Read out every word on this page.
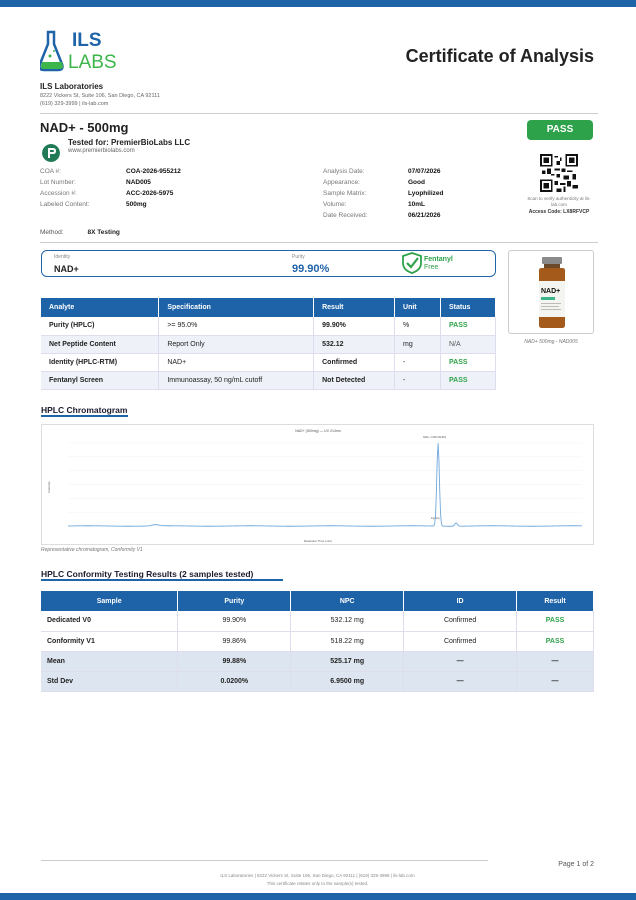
ILS
LABS	Certificate of Analysis
ILS Laboratories
8222 Vickers St, Suite 106, San Diego, CA 92111
(619) 329-3999 | ils-lab.com
NAD+ - 500mg	PASS
Tested for: PremierBioLabs LLC
www.premierbiolabs.com
COA #:	COA-2026-955212
Lot Number:	NAD005
Accession #:	ACC-2026-5975
Labeled Content:	500mg
Analysis Date:	07/07/2026
Appearance:	Good
Sample Matrix:	Lyophilized
Volume:	10mL
Date Received:	06/21/2026
Scan to verify authenticity at ils-lab.com
Access Code: LX8RFVCP
Method:	8X Testing
Identity
NAD+
Purity
99.90%
Fentanyl
Free
NAD+
NAD+ 500mg - NAD005
Analyte	Specification	Result	Unit	Status
Purity (HPLC)	>= 95.0%	99.90%	%	PASS
Net Peptide Content	Report Only	532.12	mg	N/A
Identity (HPLC-RTM)	NAD+	Confirmed	-	PASS
Fentanyl Screen	Immunoassay, 50 ng/mL cutoff	Not Detected	-	PASS
HPLC Chromatogram
NAD+ (500mg) — UV 214nm
Retention Time (min)
Intensity
NAD+ 1.606 (99.9%)
impurity
Representative chromatogram, Conformity V1
HPLC Conformity Testing Results (2 samples tested)
Sample	Purity	NPC	ID	Result
Dedicated V0	99.90%	532.12 mg	Confirmed	PASS
Conformity V1	99.86%	518.22 mg	Confirmed	PASS
Mean	99.88%	525.17 mg	—	—
Std Dev	0.0200%	6.9500 mg	—	—
Page 1 of 2
ILS Laboratories | 8222 Vickers St, Suite 106, San Diego, CA 92111 | (619) 329-3999 | ils-lab.com
This certificate relates only to the sample(s) tested.
